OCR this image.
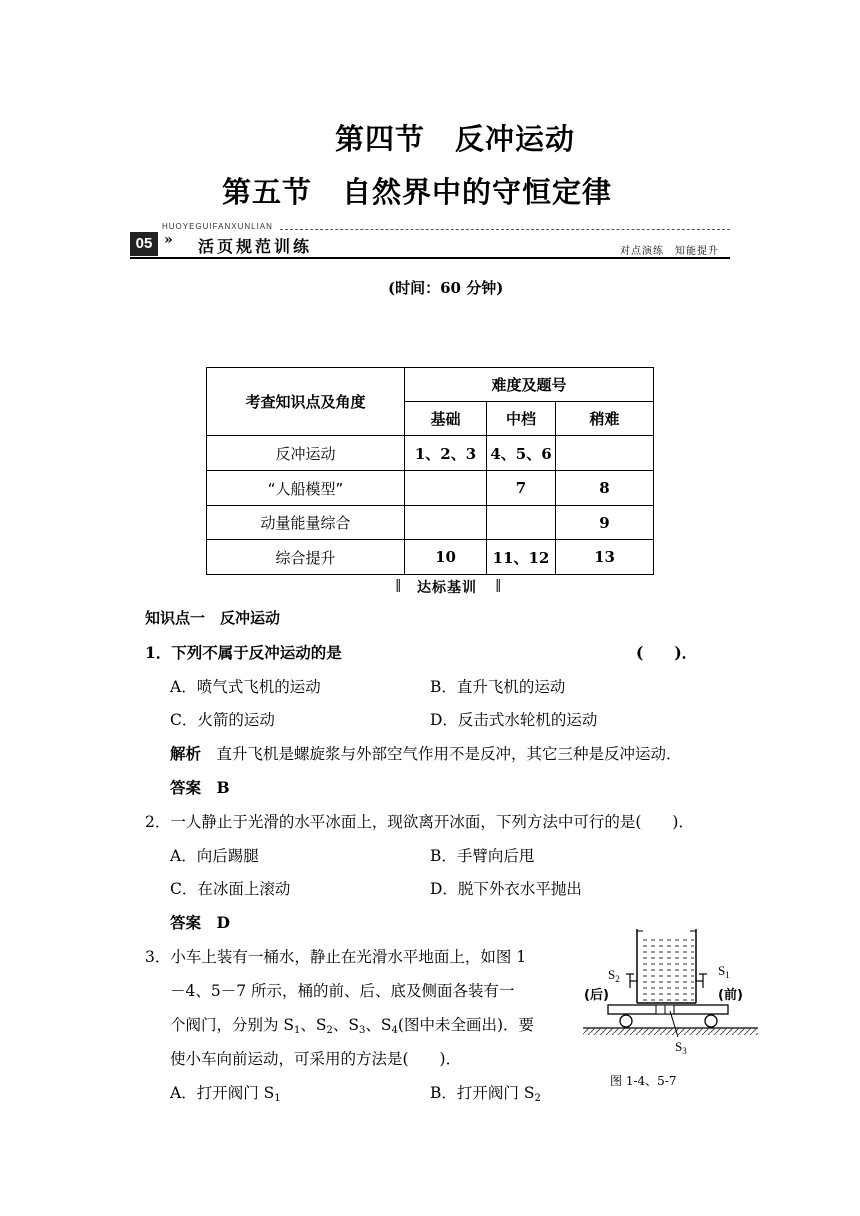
第四节　反冲运动
第五节　自然界中的守恒定律
HUOYEGUIFANXUNLIAN
05 » 活页规范训练	对点演练　知能提升
(时间：60 分钟)
考查知识点及角度	难度及题号		
	基础	中档	稍难
反冲运动	1、2、3	4、5、6	
“人船模型”		7	8
动量能量综合			9
综合提升	10	11、12	13
‖ 达标基训 ‖
知识点一　反冲运动
1．下列不属于反冲运动的是	(　　)．
A．喷气式飞机的运动	B．直升飞机的运动
C．火箭的运动	D．反击式水轮机的运动
解析　 直升飞机是螺旋浆与外部空气作用不是反冲，其它三种是反冲运动．
答案　 B
2．一人静止于光滑的水平冰面上，现欲离开冰面，下列方法中可行的是(　　)．
A．向后踢腿	B．手臂向后甩
C．在冰面上滚动	D．脱下外衣水平抛出
答案　 D
3．小车上装有一桶水，静止在光滑水平地面上，如图 1
－4、5－7 所示，桶的前、后、底及侧面各装有一
个阀门，分别为 $S_1$、$S_2$、$S_3$、$S_4$(图中未全画出)．要
使小车向前运动，可采用的方法是(　　)．
A．打开阀门 $S_1$	B．打开阀门 $S_2$
$S_2$
$S_1$
(后)	(前)
$S_3$
图 1-4、5-7
